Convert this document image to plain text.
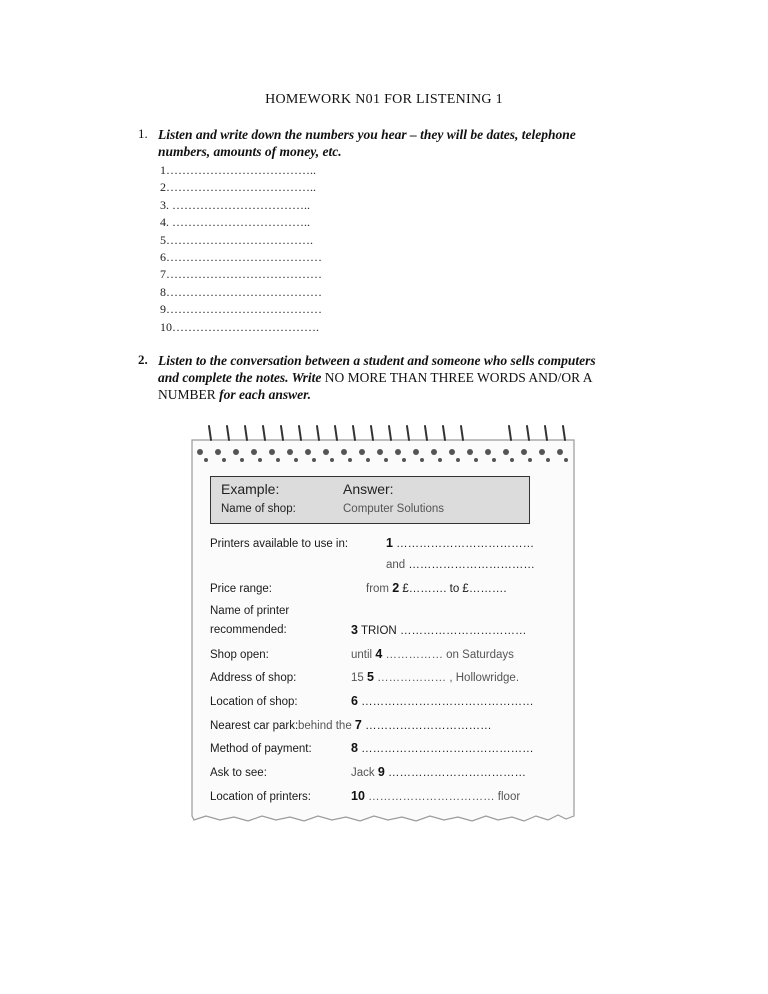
HOMEWORK N01 FOR LISTENING 1
1. Listen and write down the numbers you hear – they will be dates, telephone
numbers, amounts of money, etc.
1………………………………..
2………………………………..
3. ……………………………..
4. ……………………………..
5……………………………….
6…………………………………
7…………………………………
8…………………………………
9…………………………………
10……………………………….
2. Listen to the conversation between a student and someone who sells computers
and complete the notes. Write NO MORE THAN THREE WORDS AND/OR A
NUMBER for each answer.
Example:	Answer:
Name of shop:	Computer Solutions
Printers available to use in:	1 ………………………………
and ……………………………
Price range:	from 2 £………. to £……….
Name of printer
recommended:	3 TRION ……………………………
Shop open:	until 4 …………… on Saturdays
Address of shop:	15 5 ……………… , Hollowridge.
Location of shop:	6 ………………………………………
Nearest car park: behind the 7 ……………………………
Method of payment:	8 ………………………………………
Ask to see:	Jack 9 ………………………………
Location of printers:	10 …………………………… floor
